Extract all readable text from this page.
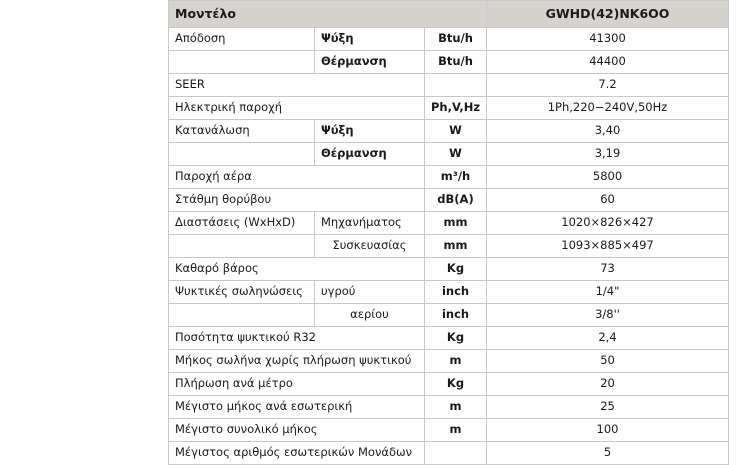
Μοντέλο			GWHD(42)NK6OO
Απόδοση	Ψύξη	Btu/h	41300
	Θέρμανση	Btu/h	44400
SEER			7.2
Ηλεκτρική παροχή		Ph,V,Hz	1Ph,220−240V,50Hz
Κατανάλωση	Ψύξη	W	3,40
	Θέρμανση	W	3,19
Παροχή αέρα		m³/h	5800
Στάθμη θορύβου		dB(A)	60
Διαστάσεις (WxHxD)	Μηχανήματος	mm	1020×826×427
	Συσκευασίας	mm	1093×885×497
Καθαρό βάρος		Kg	73
Ψυκτικές σωληνώσεις	υγρού	inch	1/4"
	αερίου	inch	3/8''
Ποσότητα ψυκτικού R32		Kg	2,4
Μήκος σωλήνα χωρίς πλήρωση ψυκτικού		m	50
Πλήρωση ανά μέτρο		Kg	20
Μέγιστο μήκος ανά εσωτερική		m	25
Μέγιστο συνολικό μήκος		m	100
Μέγιστος αριθμός εσωτερικών Μονάδων			5
